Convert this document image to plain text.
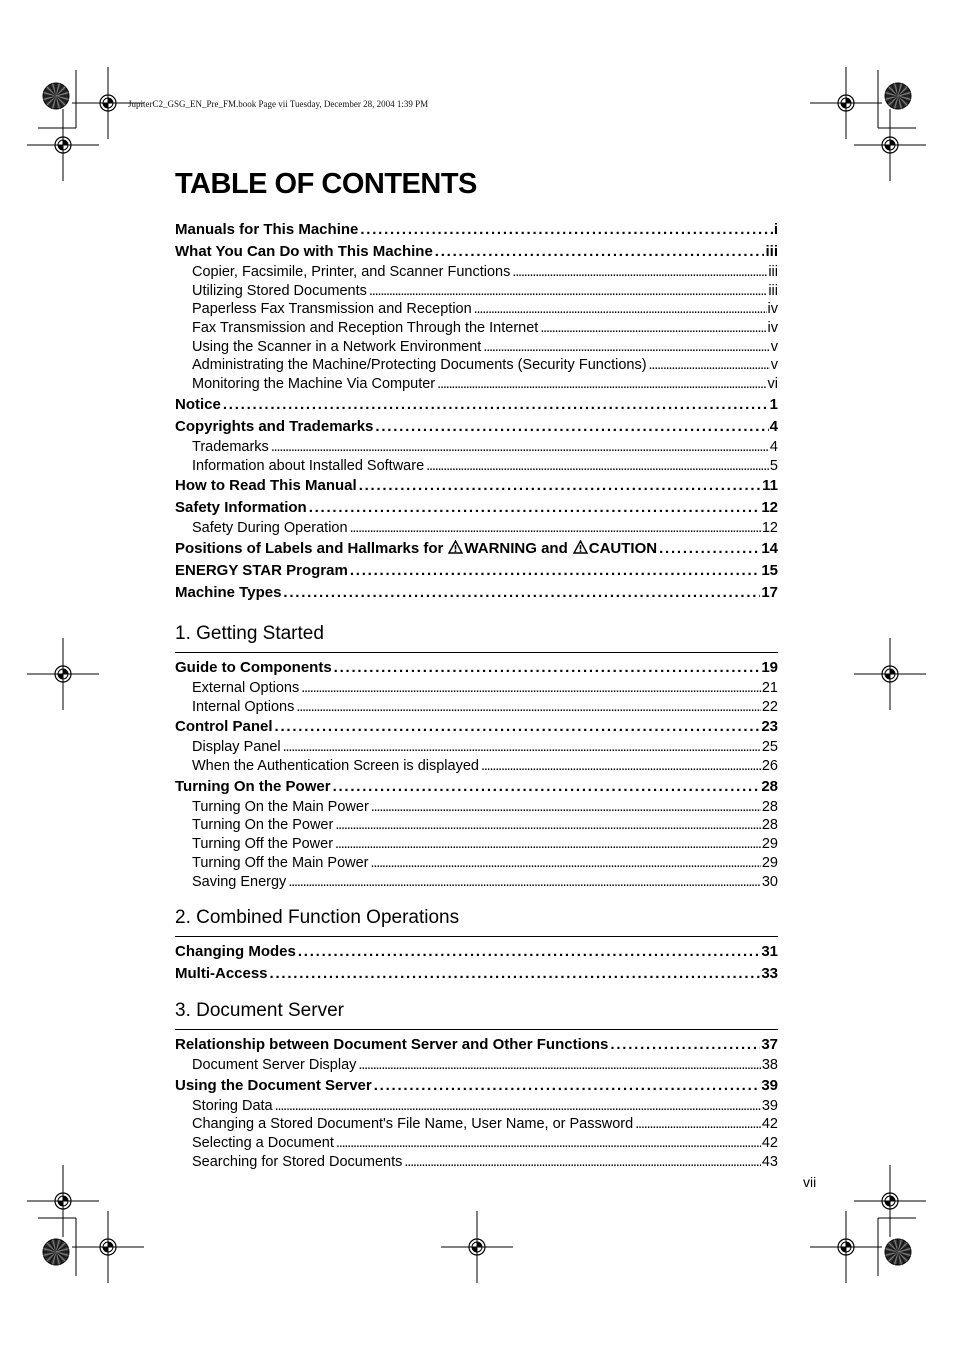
JupiterC2_GSG_EN_Pre_FM.book Page vii Tuesday, December 28, 2004 1:39 PM
TABLE OF CONTENTS
Manuals for This Machine . . .	i
What You Can Do with This Machine . . .	iii
Copier, Facsimile, Printer, and Scanner Functions . . .	iii
Utilizing Stored Documents . . .	iii
Paperless Fax Transmission and Reception . . .	iv
Fax Transmission and Reception Through the Internet . . .	iv
Using the Scanner in a Network Environment . . .	v
Administrating the Machine/Protecting Documents (Security Functions) . . .	v
Monitoring the Machine Via Computer . . .	vi
Notice . . .	1
Copyrights and Trademarks . . .	4
Trademarks . . .	4
Information about Installed Software . . .	5
How to Read This Manual . . .	11
Safety Information . . .	12
Safety During Operation . . .	12
Positions of Labels and Hallmarks for WARNING and CAUTION . . .	14
ENERGY STAR Program . . .	15
Machine Types . . .	17
1. Getting Started
Guide to Components . . .	19
External Options . . .	21
Internal Options . . .	22
Control Panel . . .	23
Display Panel . . .	25
When the Authentication Screen is displayed . . .	26
Turning On the Power . . .	28
Turning On the Main Power . . .	28
Turning On the Power . . .	28
Turning Off the Power . . .	29
Turning Off the Main Power . . .	29
Saving Energy . . .	30
2. Combined Function Operations
Changing Modes . . .	31
Multi-Access . . .	33
3. Document Server
Relationship between Document Server and Other Functions . . .	37
Document Server Display . . .	38
Using the Document Server . . .	39
Storing Data . . .	39
Changing a Stored Document's File Name, User Name, or Password . . .	42
Selecting a Document . . .	42
Searching for Stored Documents . . .	43
vii
